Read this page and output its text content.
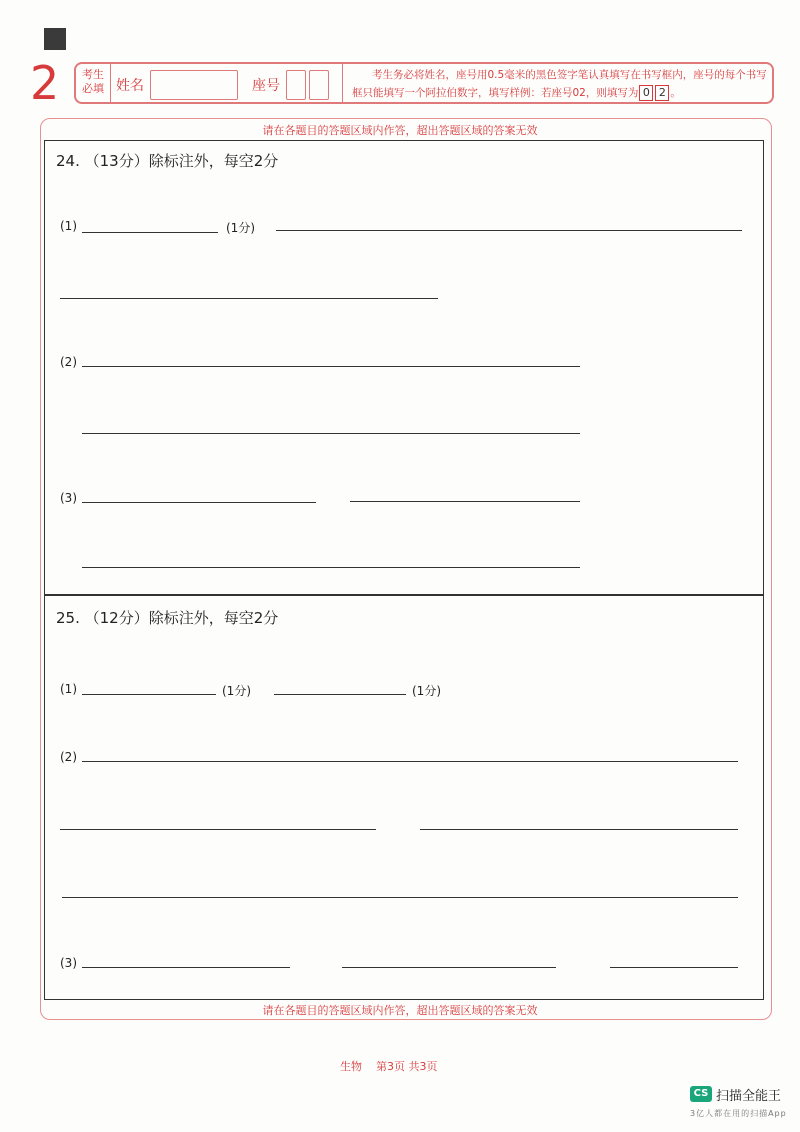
2	考生必填 姓名	座号
考生务必将姓名，座号用0.5毫米的黑色签字笔认真填写在书写框内，座号的每个书写
框只能填写一个阿拉伯数字，填写样例：若座号02，则填写为 0 2 。
请在各题目的答题区域内作答，超出答题区域的答案无效
24. （13分）除标注外，每空2分
(1)	(1分)
(2)
(3)
25. （12分）除标注外，每空2分
(1)	(1分)	(1分)
(2)
(3)
请在各题目的答题区域内作答，超出答题区域的答案无效
生物 第3页 共3页
CS 扫描全能王
3亿人都在用的扫描App
